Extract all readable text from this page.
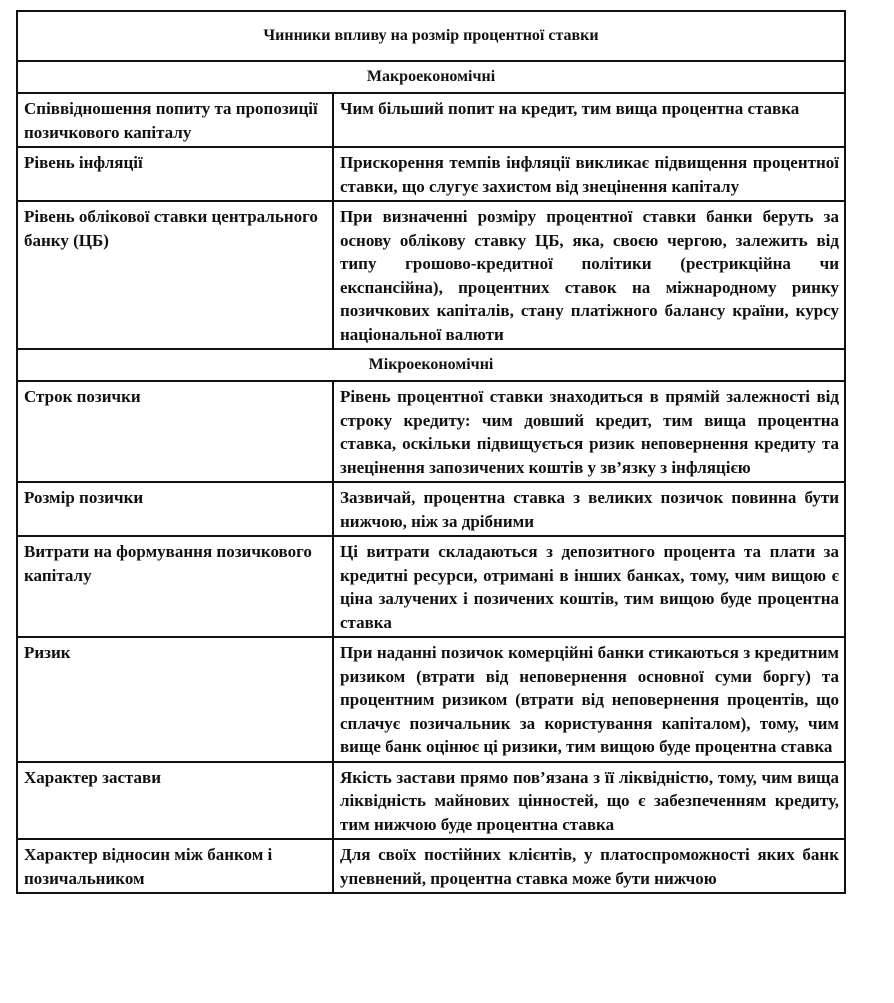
Чинники впливу на розмір процентної ставки	
Макроекономічні	
Співвідношення попиту та пропозиції позичкового капіталу	Чим більший попит на кредит, тим вища процентна ставка
Рівень інфляції	Прискорення темпів інфляції викликає підвищення процентної ставки, що слугує захистом від знецінення капіталу
Рівень облікової ставки центрального банку (ЦБ)	При визначенні розміру процентної ставки банки беруть за основу облікову ставку ЦБ, яка, своєю чергою, залежить від типу грошово-кредитної політики (рестрикційна чи експансійна), процентних ставок на міжнародному ринку позичкових капіталів, стану платіжного балансу країни, курсу національної валюти
Мікроекономічні	
Строк позички	Рівень процентної ставки знаходиться в прямій залежності від строку кредиту: чим довший кредит, тим вища процентна ставка, оскільки підвищується ризик неповернення кредиту та знецінення запозичених коштів у зв’язку з інфляцією
Розмір позички	Зазвичай, процентна ставка з великих позичок повинна бути нижчою, ніж за дрібними
Витрати на формування позичкового капіталу	Ці витрати складаються з депозитного процента та плати за кредитні ресурси, отримані в інших банках, тому, чим вищою є ціна залучених і позичених коштів, тим вищою буде процентна ставка
Ризик	При наданні позичок комерційні банки стикаються з кредитним ризиком (втрати від неповернення основної суми боргу) та процентним ризиком (втрати від неповернення процентів, що сплачує позичальник за користування капіталом), тому, чим вище банк оцінює ці ризики, тим вищою буде процентна ставка
Характер застави	Якість застави прямо пов’язана з її ліквідністю, тому, чим вища ліквідність майнових цінностей, що є забезпеченням кредиту, тим нижчою буде процентна ставка
Характер відносин між банком і позичальником	Для своїх постійних клієнтів, у платоспроможності яких банк упевнений, процентна ставка може бути нижчою
